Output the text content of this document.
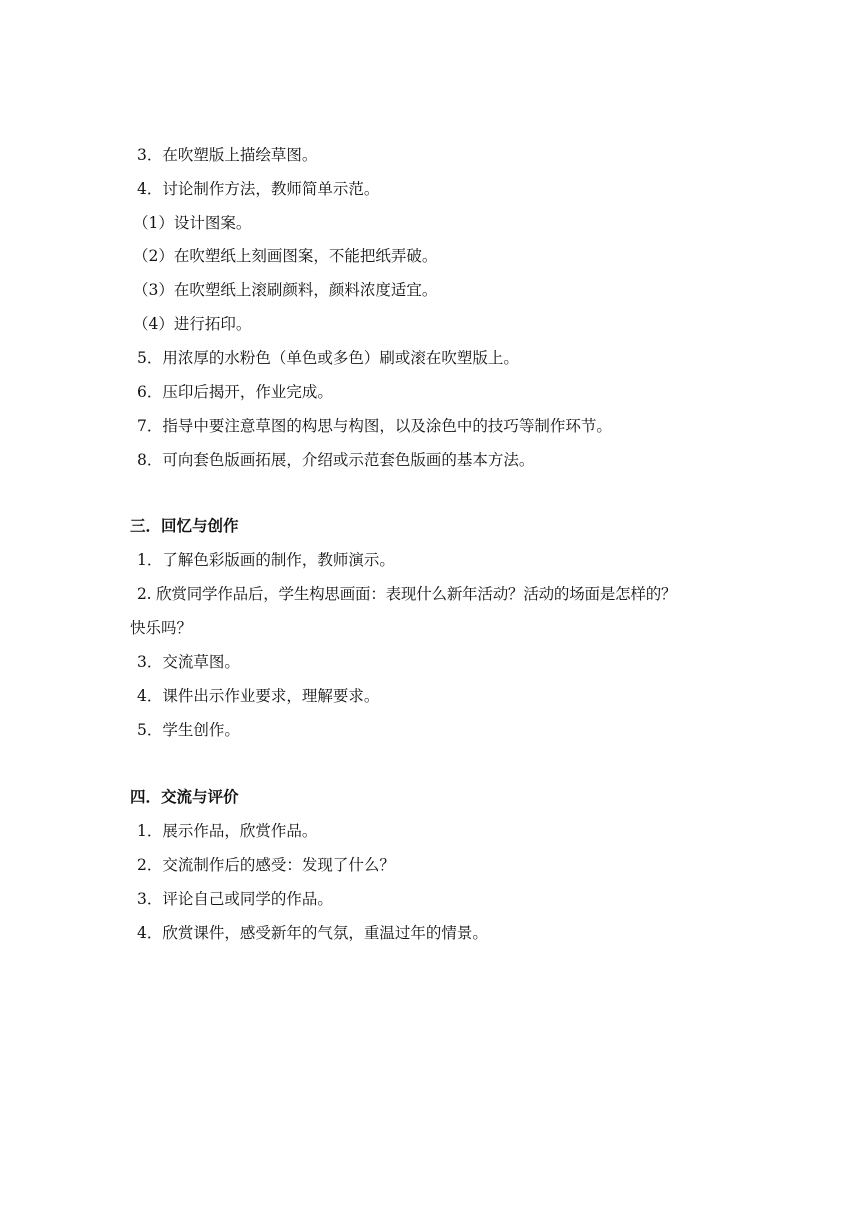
3．在吹塑版上描绘草图。
4．讨论制作方法，教师简单示范。
（1）设计图案。
（2）在吹塑纸上刻画图案，不能把纸弄破。
（3）在吹塑纸上滚刷颜料，颜料浓度适宜。
（4）进行拓印。
5．用浓厚的水粉色（单色或多色）刷或滚在吹塑版上。
6．压印后揭开，作业完成。
7．指导中要注意草图的构思与构图，以及涂色中的技巧等制作环节。
8．可向套色版画拓展，介绍或示范套色版画的基本方法。
三．回忆与创作
1．了解色彩版画的制作，教师演示。
2. 欣赏同学作品后，学生构思画面：表现什么新年活动？活动的场面是怎样的？
快乐吗？
3．交流草图。
4．课件出示作业要求，理解要求。
5．学生创作。
四．交流与评价
1．展示作品，欣赏作品。
2．交流制作后的感受：发现了什么？
3．评论自己或同学的作品。
4．欣赏课件，感受新年的气氛，重温过年的情景。
